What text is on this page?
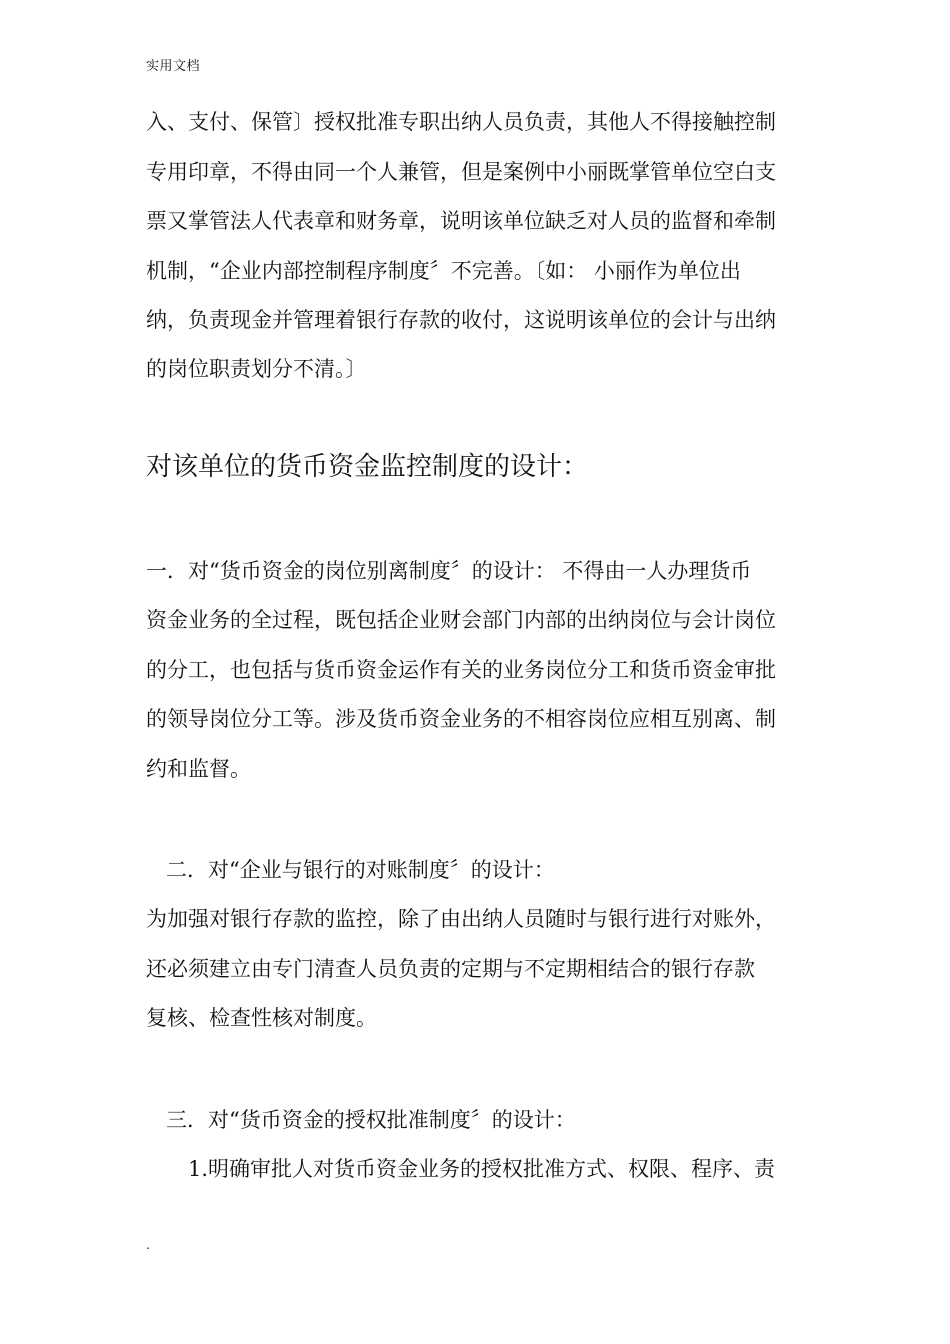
实用文档
入、支付、保管〕授权批准专职出纳人员负责，其他人不得接触控制
专用印章，不得由同一个人兼管，但是案例中小丽既掌管单位空白支
票又掌管法人代表章和财务章，说明该单位缺乏对人员的监督和牵制
机制，“企业内部控制程序制度〞不完善。〔如： 小丽作为单位出
纳，负责现金并管理着银行存款的收付，这说明该单位的会计与出纳
的岗位职责划分不清。〕
对该单位的货币资金监控制度的设计：
一．对“货币资金的岗位别离制度〞的设计： 不得由一人办理货币
资金业务的全过程，既包括企业财会部门内部的出纳岗位与会计岗位
的分工，也包括与货币资金运作有关的业务岗位分工和货币资金审批
的领导岗位分工等。涉及货币资金业务的不相容岗位应相互别离、制
约和监督。
二．对“企业与银行的对账制度〞的设计：
为加强对银行存款的监控，除了由出纳人员随时与银行进行对账外，
还必须建立由专门清查人员负责的定期与不定期相结合的银行存款
复核、检查性核对制度。
三．对“货币资金的授权批准制度〞的设计：
1.明确审批人对货币资金业务的授权批准方式、权限、程序、责
.
